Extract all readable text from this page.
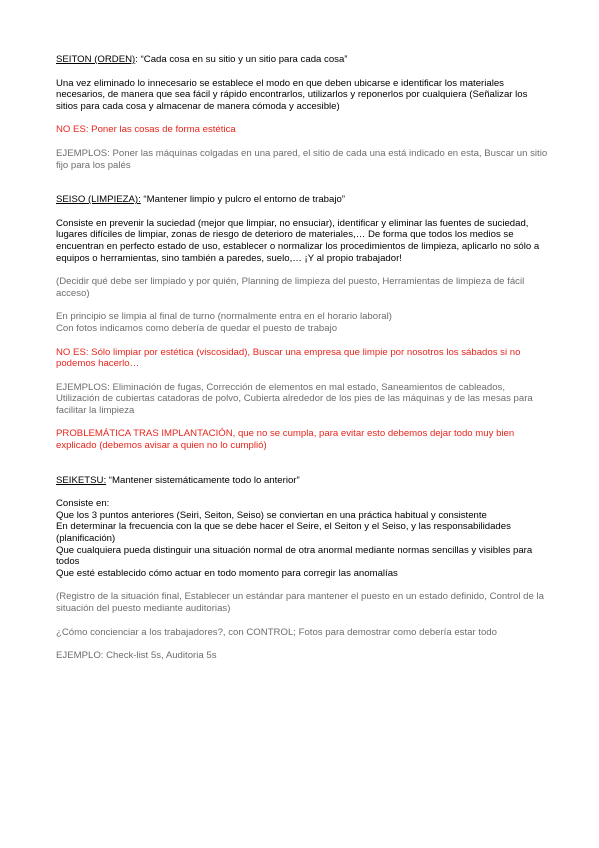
SEITON (ORDEN): “Cada cosa en su sitio y un sitio para cada cosa”

Una vez eliminado lo innecesario se establece el modo en que deben ubicarse e identificar los materiales necesarios, de manera que sea fácil y rápido encontrarlos, utilizarlos y reponerlos por cualquiera (Señalizar los sitios para cada cosa y almacenar de manera cómoda y accesible)

NO ES: Poner las cosas de forma estética

EJEMPLOS: Poner las máquinas colgadas en una pared, el sitio de cada una está indicado en esta, Buscar un sitio fijo para los palés

SEISO (LIMPIEZA): “Mantener limpio y pulcro el entorno de trabajo”

Consiste en prevenir la suciedad (mejor que limpiar, no ensuciar), identificar y eliminar las fuentes de suciedad, lugares difíciles de limpiar, zonas de riesgo de deterioro de materiales,… De forma que todos los medios se encuentran en perfecto estado de uso, establecer o normalizar los procedimientos de limpieza, aplicarlo no sólo a equipos o herramientas, sino también a paredes, suelo,… ¡Y al propio trabajador!

(Decidir qué debe ser limpiado y por quién, Planning de limpieza del puesto, Herramientas de limpieza de fácil acceso)

En principio se limpia al final de turno (normalmente entra en el horario laboral)
Con fotos indicamos como debería de quedar el puesto de trabajo

NO ES: Sólo limpiar por estética (viscosidad), Buscar una empresa que limpie por nosotros los sábados si no podemos hacerlo…

EJEMPLOS: Eliminación de fugas, Corrección de elementos en mal estado, Saneamientos de cableados, Utilización de cubiertas catadoras de polvo, Cubierta alrededor de los pies de las máquinas y de las mesas para facilitar la limpieza

PROBLEMÁTICA TRAS IMPLANTACIÓN, que no se cumpla, para evitar esto debemos dejar todo muy bien explicado (debemos avisar a quien no lo cumplió)

SEIKETSU: “Mantener sistemáticamente todo lo anterior”

Consiste en:
Que los 3 puntos anteriores (Seiri, Seiton, Seiso) se conviertan en una práctica habitual y consistente
En determinar la frecuencia con la que se debe hacer el Seire, el Seiton y el Seiso, y las responsabilidades (planificación)
Que cualquiera pueda distinguir una situación normal de otra anormal mediante normas sencillas y visibles para todos
Que esté establecido cómo actuar en todo momento para corregir las anomalías

(Registro de la situación final, Establecer un estándar para mantener el puesto en un estado definido, Control de la situación del puesto mediante auditorias)

¿Cómo concienciar a los trabajadores?, con CONTROL; Fotos para demostrar como debería estar todo

EJEMPLO: Check-list 5s, Auditoria 5s
